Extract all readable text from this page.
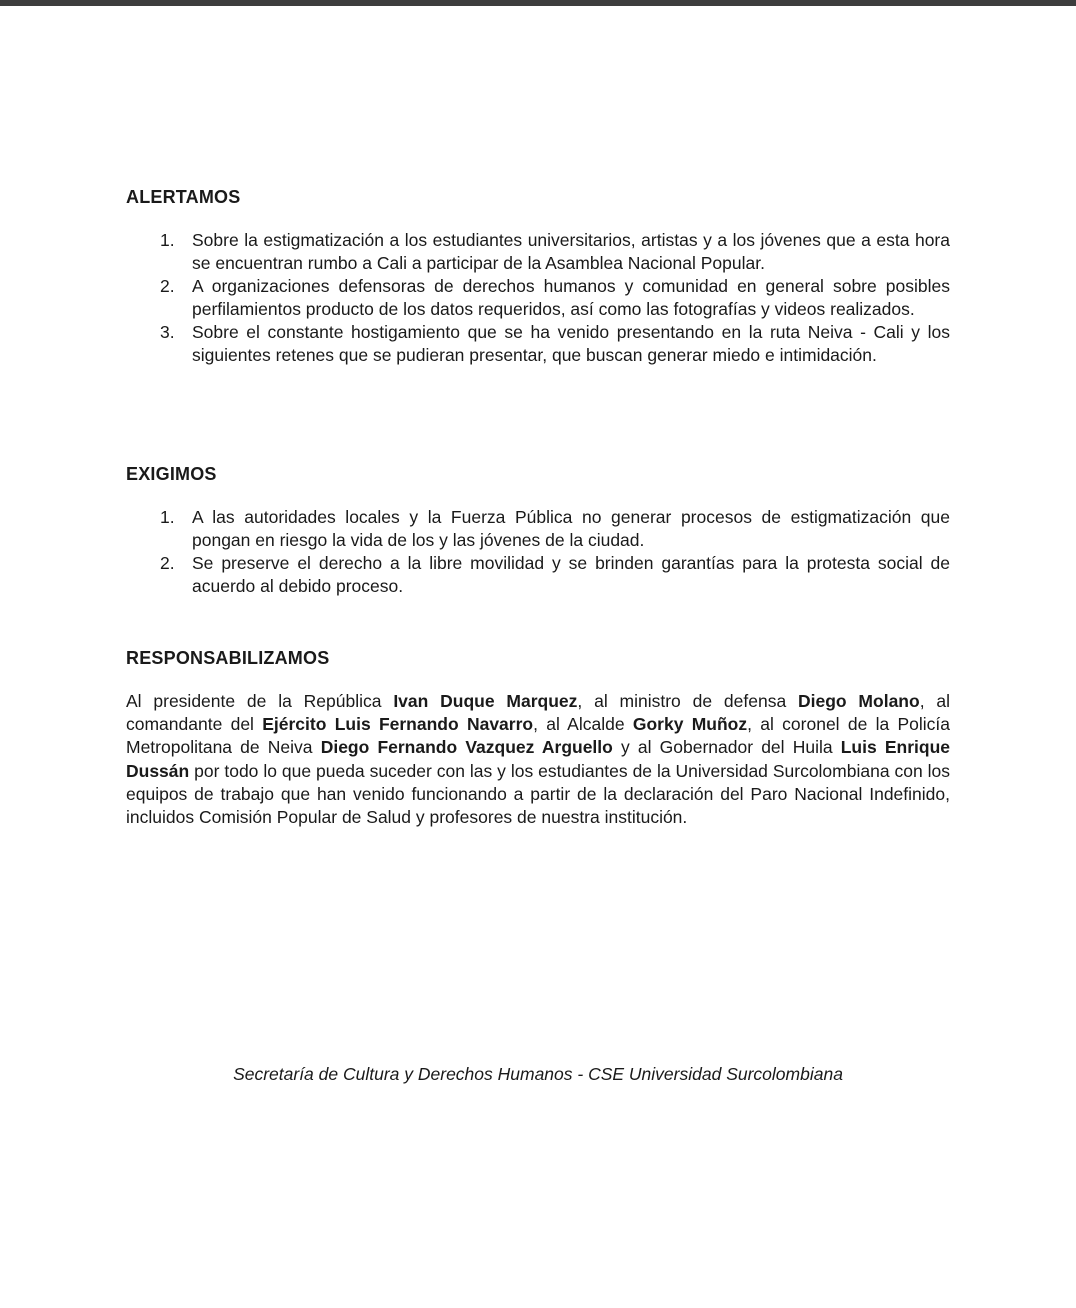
ALERTAMOS
1. Sobre la estigmatización a los estudiantes universitarios, artistas y a los jóvenes que a esta hora se encuentran rumbo a Cali a participar de la Asamblea Nacional Popular.
2. A organizaciones defensoras de derechos humanos y comunidad en general sobre posibles perfilamientos producto de los datos requeridos, así como las fotografías y videos realizados.
3. Sobre el constante hostigamiento que se ha venido presentando en la ruta Neiva - Cali y los siguientes retenes que se pudieran presentar, que buscan generar miedo e intimidación.
EXIGIMOS
1. A las autoridades locales y la Fuerza Pública no generar procesos de estigmatización que pongan en riesgo la vida de los y las jóvenes de la ciudad.
2. Se preserve el derecho a la libre movilidad y se brinden garantías para la protesta social de acuerdo al debido proceso.
RESPONSABILIZAMOS

Al presidente de la República Ivan Duque Marquez, al ministro de defensa Diego Molano, al comandante del Ejército Luis Fernando Navarro, al Alcalde Gorky Muñoz, al coronel de la Policía Metropolitana de Neiva Diego Fernando Vazquez Arguello y al Gobernador del Huila Luis Enrique Dussán por todo lo que pueda suceder con las y los estudiantes de la Universidad Surcolombiana con los equipos de trabajo que han venido funcionando a partir de la declaración del Paro Nacional Indefinido, incluidos Comisión Popular de Salud y profesores de nuestra institución.

Secretaría de Cultura y Derechos Humanos - CSE Universidad Surcolombiana
